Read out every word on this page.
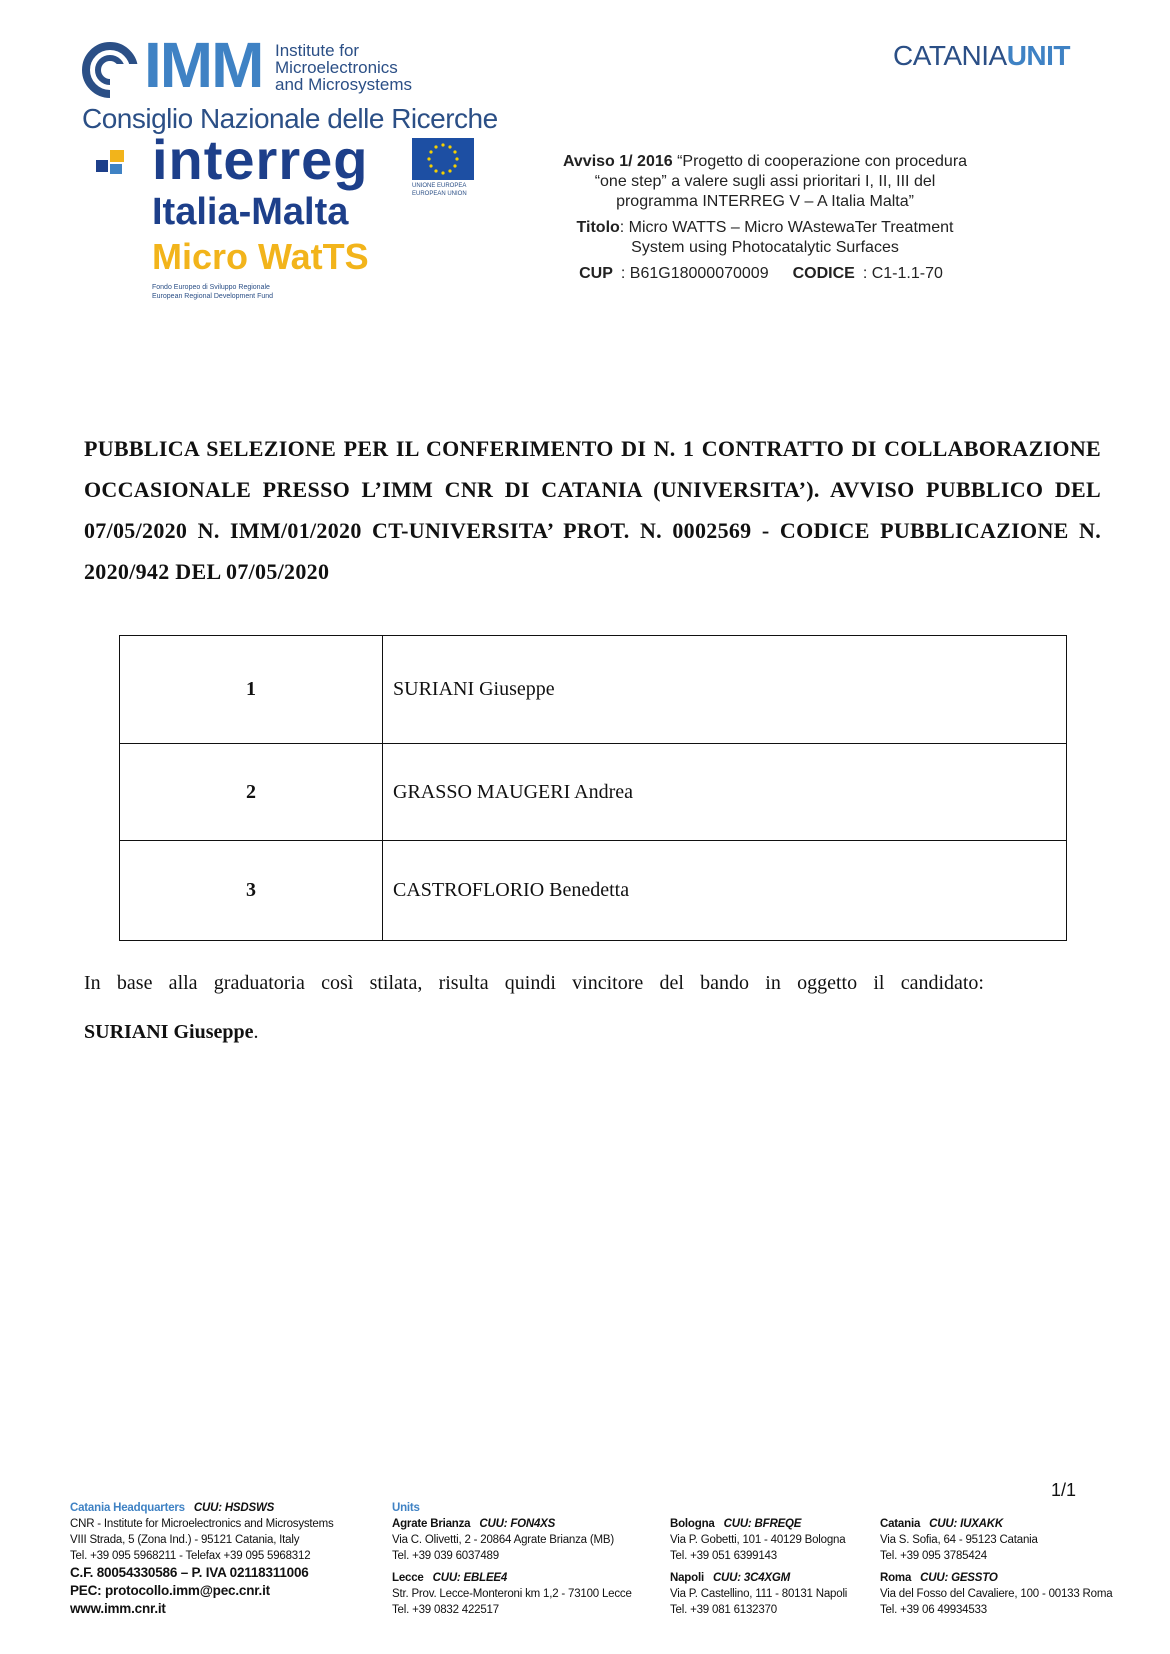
IMM Institute for
Microelectronics
and Microsystems
Consiglio Nazionale delle Ricerche
interreg	UNIONE EUROPEA
EUROPEAN UNION
Italia-Malta
Micro WatTS
Fondo Europeo di Sviluppo Regionale
European Regional Development Fund
CATANIAUNIT

Avviso 1/ 2016 “Progetto di cooperazione con procedura

“one step” a valere sugli assi prioritari I, II, III del

programma INTERREG V – A Italia Malta”

Titolo: Micro WATTS – Micro WAstewaTer Treatment

System using Photocatalytic Surfaces

CUP : B61G18000070009 CODICE : C1-1.1-70

PUBBLICA SELEZIONE PER IL CONFERIMENTO DI N. 1 CONTRATTO DI COLLABORAZIONE OCCASIONALE PRESSO L’IMM CNR DI CATANIA (UNIVERSITA’). AVVISO PUBBLICO DEL 07/05/2020 N. IMM/01/2020 CT-UNIVERSITA’ PROT. N. 0002569 - CODICE PUBBLICAZIONE N. 2020/942 DEL 07/05/2020
1	SURIANI Giuseppe
2	GRASSO MAUGERI Andrea
3	CASTROFLORIO Benedetta
In base alla graduatoria così stilata, risulta quindi vincitore del bando in oggetto il candidato:
SURIANI Giuseppe.
1/1
Catania Headquarters CUU: HSDSWS
CNR - Institute for Microelectronics and Microsystems
VIII Strada, 5 (Zona Ind.) - 95121 Catania, Italy
Tel. +39 095 5968211 - Telefax +39 095 5968312
C.F. 80054330586 – P. IVA 02118311006
PEC: protocollo.imm@pec.cnr.it
www.imm.cnr.it
Units
Agrate Brianza CUU: FON4XS
Via C. Olivetti, 2 - 20864 Agrate Brianza (MB)
Tel. +39 039 6037489
Lecce CUU: EBLEE4
Str. Prov. Lecce-Monteroni km 1,2 - 73100 Lecce
Tel. +39 0832 422517
Bologna CUU: BFREQE
Via P. Gobetti, 101 - 40129 Bologna
Tel. +39 051 6399143
Napoli CUU: 3C4XGM
Via P. Castellino, 111 - 80131 Napoli
Tel. +39 081 6132370
Catania CUU: IUXAKK
Via S. Sofia, 64 - 95123 Catania
Tel. +39 095 3785424
Roma CUU: GESSTO
Via del Fosso del Cavaliere, 100 - 00133 Roma
Tel. +39 06 49934533
